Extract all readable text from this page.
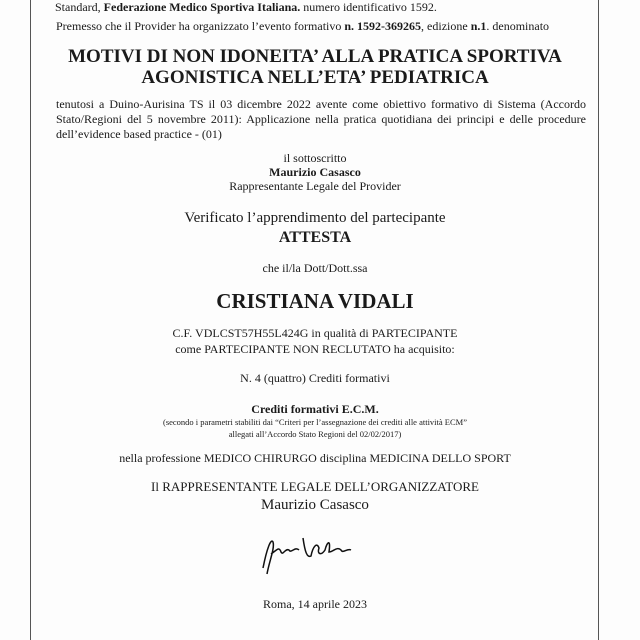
Standard, Federazione Medico Sportiva Italiana. numero identificativo 1592.
Premesso che il Provider ha organizzato l’evento formativo n. 1592-369265, edizione n.1. denominato
MOTIVI DI NON IDONEITA’ ALLA PRATICA SPORTIVA
AGONISTICA NELL’ETA’ PEDIATRICA
tenutosi a Duino-Aurisina TS il 03 dicembre 2022 avente come obiettivo formativo di Sistema (Accordo Stato/Regioni del 5 novembre 2011): Applicazione nella pratica quotidiana dei principi e delle procedure dell’evidence based practice - (01)
il sottoscritto
Maurizio Casasco
Rappresentante Legale del Provider
Verificato l’apprendimento del partecipante
ATTESTA
che il/la Dott/Dott.ssa
CRISTIANA VIDALI
C.F. VDLCST57H55L424G in qualità di PARTECIPANTE
come PARTECIPANTE NON RECLUTATO ha acquisito:
N. 4 (quattro) Crediti formativi
Crediti formativi E.C.M.
(secondo i parametri stabiliti dai “Criteri per l’assegnazione dei crediti alle attività ECM”
allegati all’Accordo Stato Regioni del 02/02/2017)
nella professione MEDICO CHIRURGO disciplina MEDICINA DELLO SPORT
Il RAPPRESENTANTE LEGALE DELL’ORGANIZZATORE
Maurizio Casasco
Roma, 14 aprile 2023
